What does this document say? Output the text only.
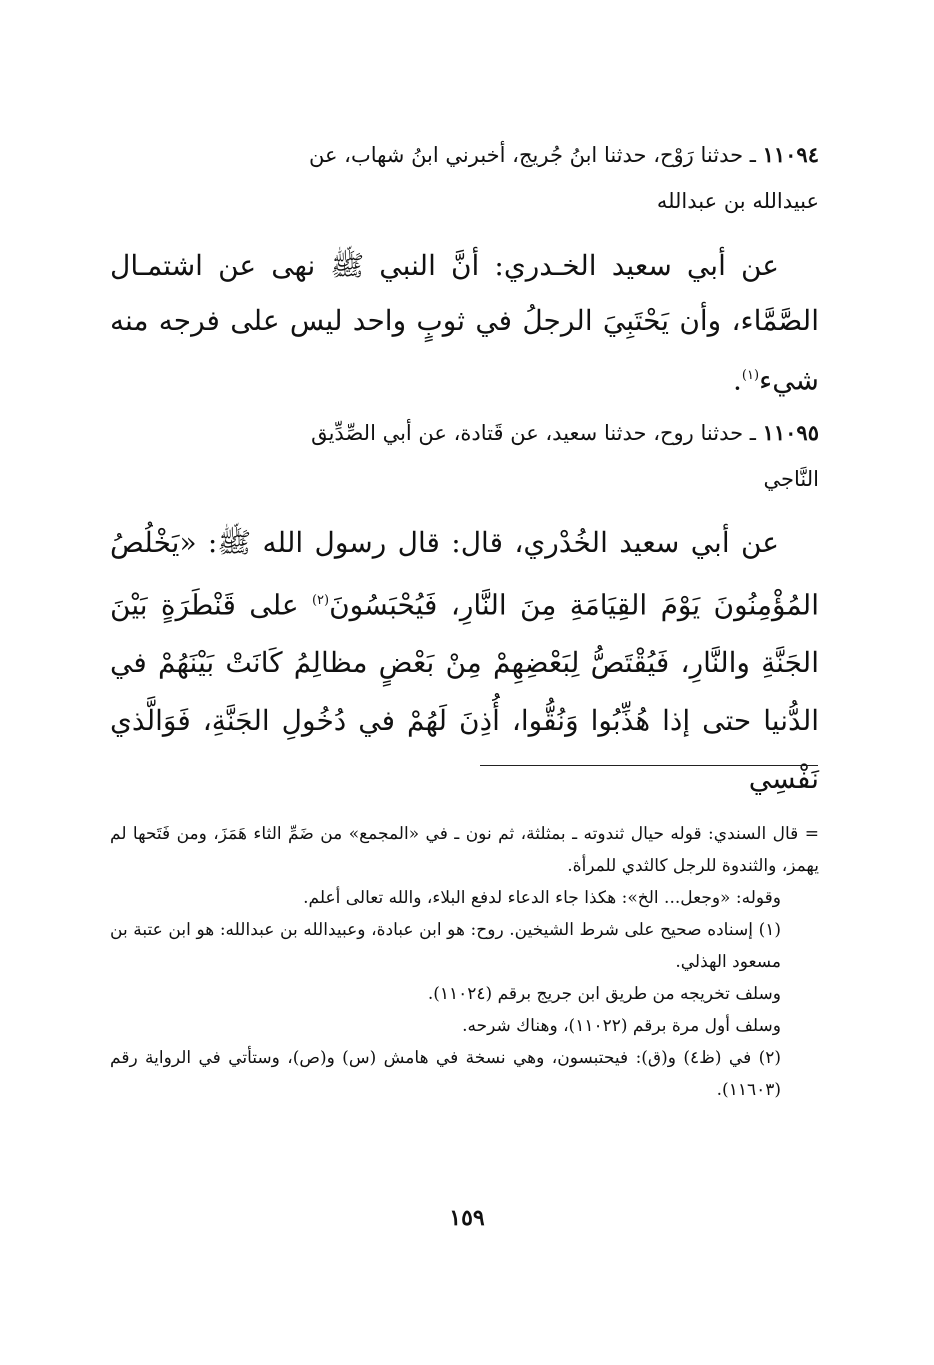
١١٠٩٤ ـ حدثنا رَوْح، حدثنا ابنُ جُريج، أخبرني ابنُ شهاب، عن
عبيدالله بن عبدالله
عن أبي سعيد الخـدري: أنَّ النبي ﷺ نهى عن اشتمـال الصَّمَّاء، وأن يَحْتَبِيَ الرجلُ في ثوبٍ واحد ليس على فرجه منه شيء$^{(١)}$.
١١٠٩٥ ـ حدثنا روح، حدثنا سعيد، عن قَتادة، عن أبي الصِّدِّيق
النَّاجي
عن أبي سعيد الخُدْري، قال: قال رسول الله ﷺ: «يَخْلُصُ المُؤْمِنُونَ يَوْمَ القِيَامَةِ مِنَ النَّارِ، فَيُحْبَسُونَ$^{(٢)}$ على قَنْطَرَةٍ بَيْنَ الجَنَّةِ والنَّارِ، فَيُقْتَصُّ لِبَعْضِهِمْ مِنْ بَعْضٍ مظالِمُ كَانَتْ بَيْنَهُمْ في الدُّنيا حتى إذا هُذِّبُوا وَنُقُّوا، أُذِنَ لَهُمْ في دُخُولِ الجَنَّةِ، فَوَالَّذي نَفْسِي

= قال السندي: قوله حيال ثندوته ـ بمثلثة، ثم نون ـ في «المجمع» من ضَمِّ الثاء هَمَزَ، ومن فَتَحها لم يهمز، والثندوة للرجل كالثدي للمرأة.

وقوله: «وجعل... الخ»: هكذا جاء الدعاء لدفع البلاء، والله تعالى أعلم.

(١) إسناده صحيح على شرط الشيخين. روح: هو ابن عبادة، وعبيدالله بن عبدالله: هو ابن عتبة بن مسعود الهذلي.

وسلف تخريجه من طريق ابن جريج برقم (١١٠٢٤).

وسلف أول مرة برقم (١١٠٢٢)، وهناك شرحه.

(٢) في (ظ٤) و(ق): فيحتبسون، وهي نسخة في هامش (س) و(ص)، وستأتي في الرواية رقم (١١٦٠٣).

١٥٩
